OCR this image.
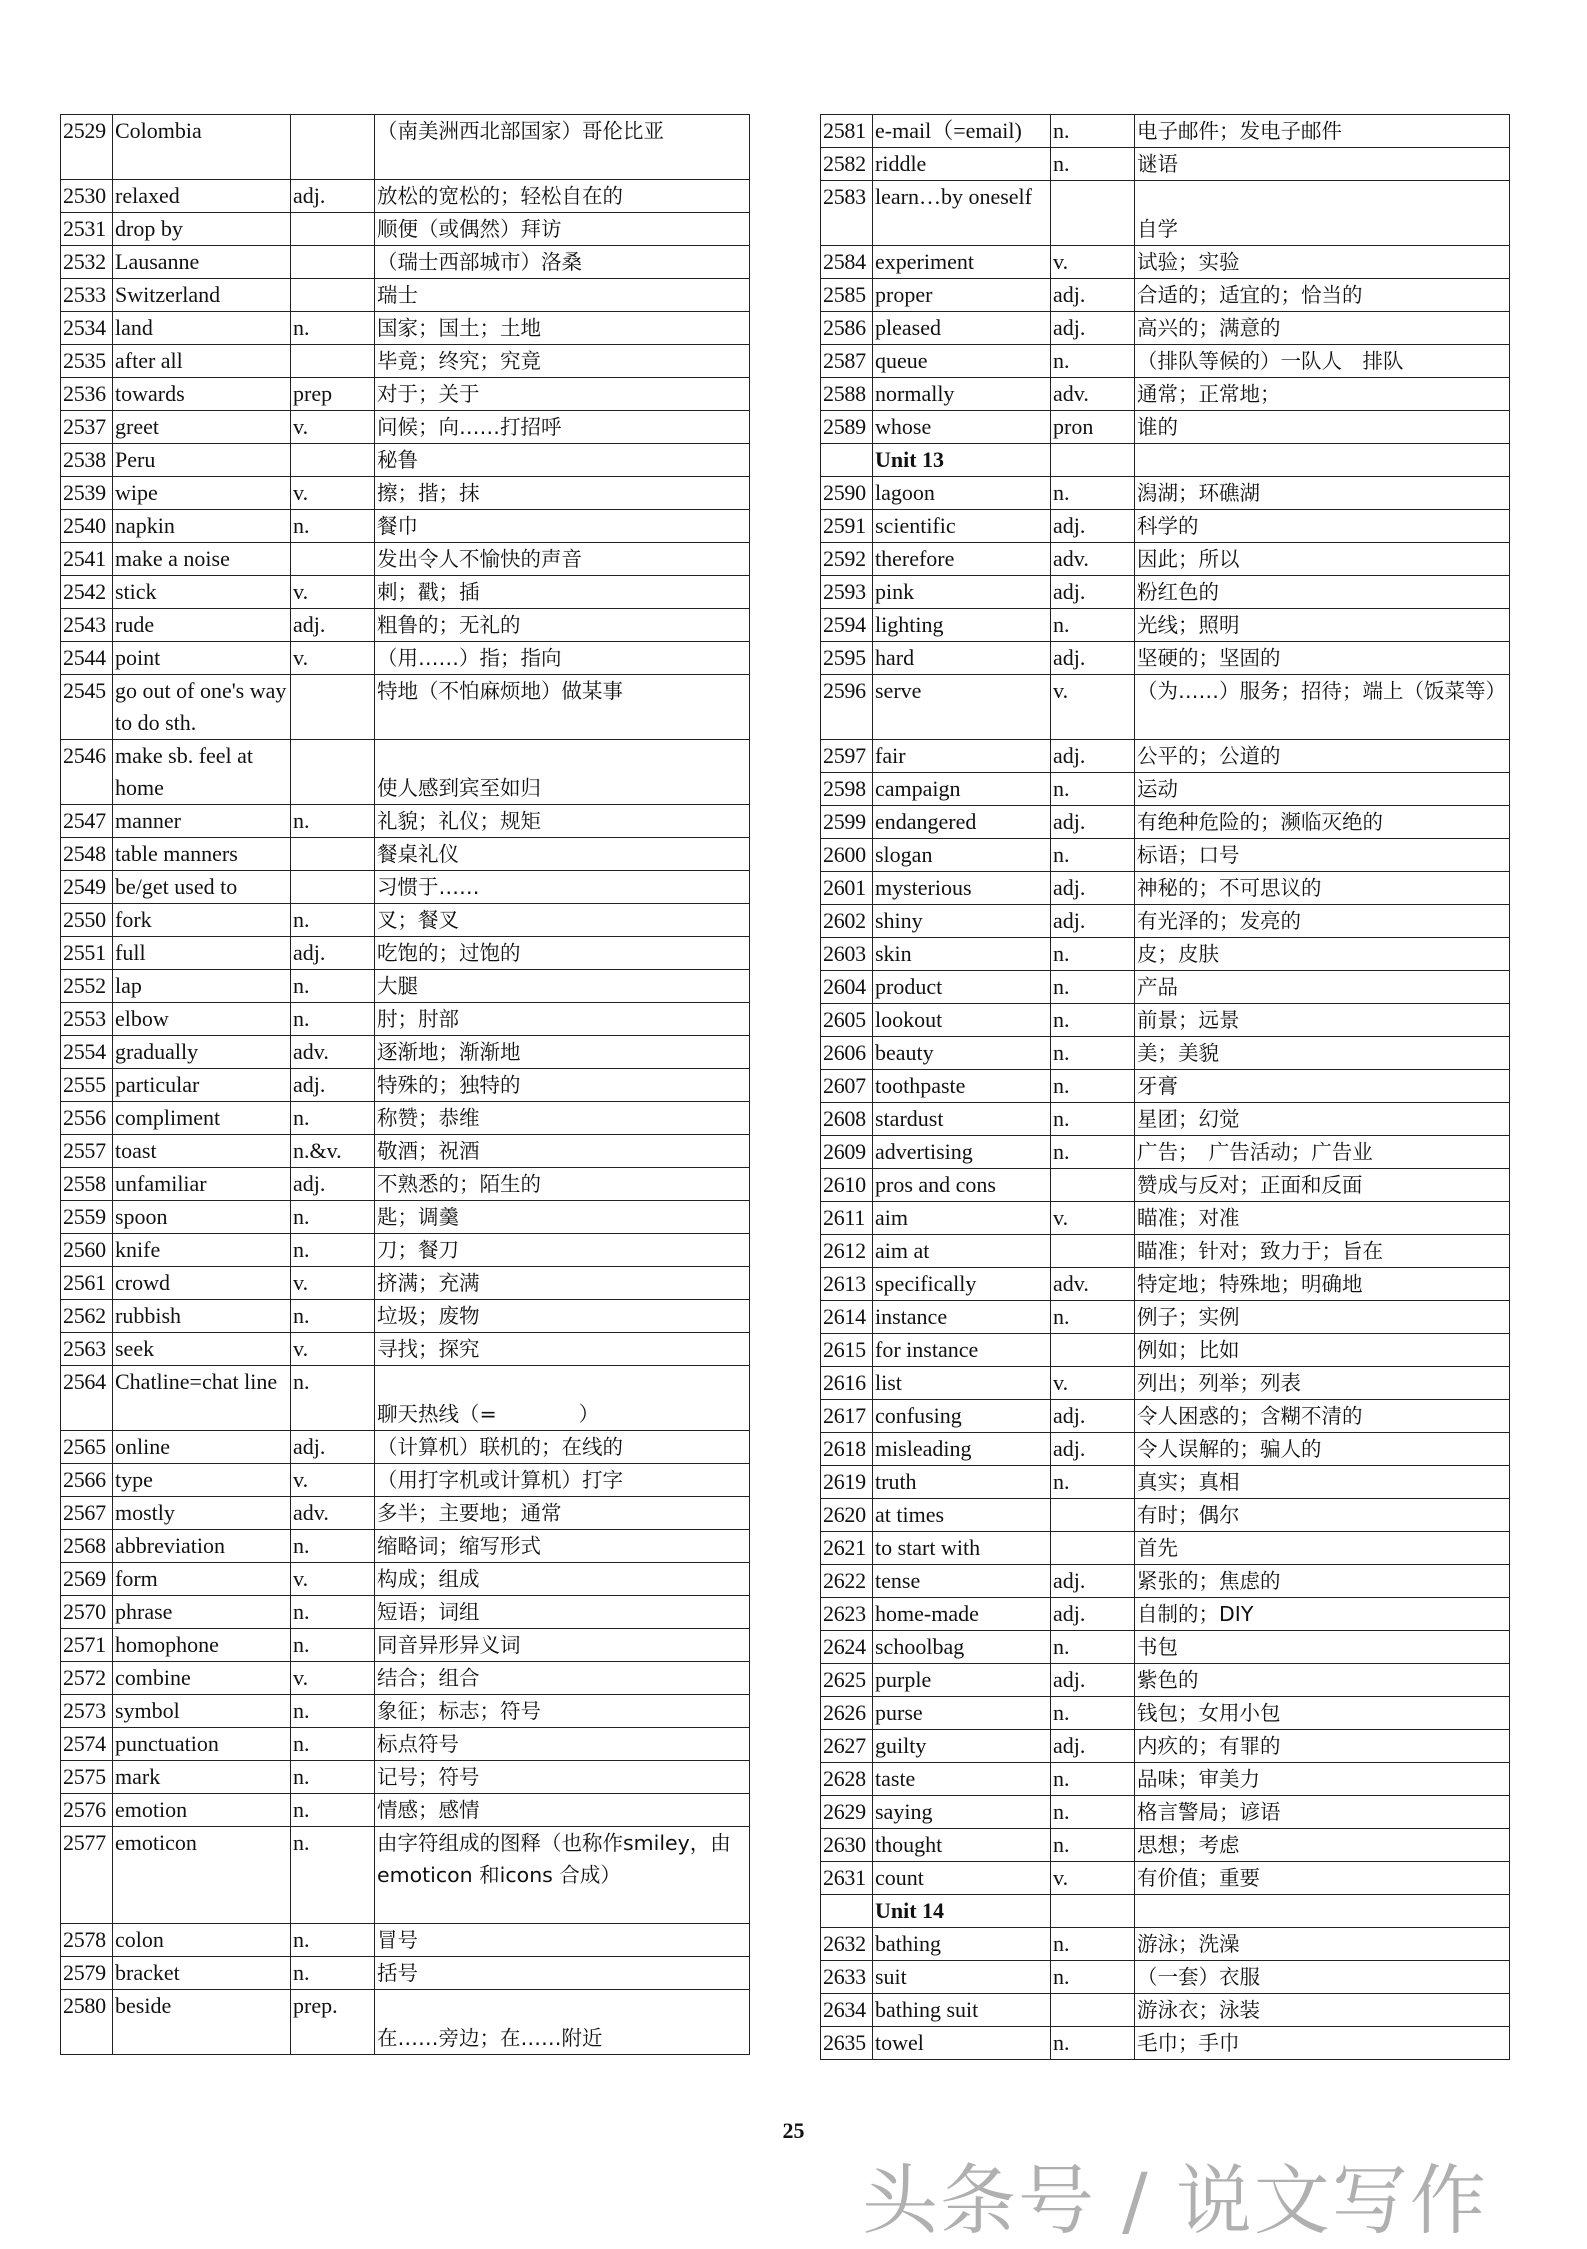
2529	Colombia		（南美洲西北部国家）哥伦比亚
2530	relaxed	adj.	放松的宽松的；轻松自在的
2531	drop by		顺便（或偶然）拜访
2532	Lausanne		（瑞士西部城市）洛桑
2533	Switzerland		瑞士
2534	land	n.	国家；国土；土地
2535	after all		毕竟；终究；究竟
2536	towards	prep	对于；关于
2537	greet	v.	问候；向……打招呼
2538	Peru		秘鲁
2539	wipe	v.	擦；揩；抹
2540	napkin	n.	餐巾
2541	make a noise		发出令人不愉快的声音
2542	stick	v.	刺；戳；插
2543	rude	adj.	粗鲁的；无礼的
2544	point	v.	（用……）指；指向
2545	go out of one's way to do sth.		特地（不怕麻烦地）做某事
2546	make sb. feel at home		使人感到宾至如归
2547	manner	n.	礼貌；礼仪；规矩
2548	table manners		餐桌礼仪
2549	be/get used to		习惯于……
2550	fork	n.	叉；餐叉
2551	full	adj.	吃饱的；过饱的
2552	lap	n.	大腿
2553	elbow	n.	肘；肘部
2554	gradually	adv.	逐渐地；渐渐地
2555	particular	adj.	特殊的；独特的
2556	compliment	n.	称赞；恭维
2557	toast	n.&v.	敬酒；祝酒
2558	unfamiliar	adj.	不熟悉的；陌生的
2559	spoon	n.	匙；调羹
2560	knife	n.	刀；餐刀
2561	crowd	v.	挤满；充满
2562	rubbish	n.	垃圾；废物
2563	seek	v.	寻找；探究
2564	Chatline=chat line	n.	聊天热线（=　　　　）
2565	online	adj.	（计算机）联机的；在线的
2566	type	v.	（用打字机或计算机）打字
2567	mostly	adv.	多半；主要地；通常
2568	abbreviation	n.	缩略词；缩写形式
2569	form	v.	构成；组成
2570	phrase	n.	短语；词组
2571	homophone	n.	同音异形异义词
2572	combine	v.	结合；组合
2573	symbol	n.	象征；标志；符号
2574	punctuation	n.	标点符号
2575	mark	n.	记号；符号
2576	emotion	n.	情感；感情
2577	emoticon	n.	由字符组成的图释（也称作smiley，由 emoticon 和icons 合成）
2578	colon	n.	冒号
2579	bracket	n.	括号
2580	beside	prep.	在……旁边；在……附近
2581	e-mail（=email)	n.	电子邮件；发电子邮件
2582	riddle	n.	谜语
2583	learn…by oneself		自学
2584	experiment	v.	试验；实验
2585	proper	adj.	合适的；适宜的；恰当的
2586	pleased	adj.	高兴的；满意的
2587	queue	n.	（排队等候的）一队人　排队
2588	normally	adv.	通常；正常地；
2589	whose	pron	谁的
	Unit 13		
2590	lagoon	n.	潟湖；环礁湖
2591	scientific	adj.	科学的
2592	therefore	adv.	因此；所以
2593	pink	adj.	粉红色的
2594	lighting	n.	光线；照明
2595	hard	adj.	坚硬的；坚固的
2596	serve	v.	（为……）服务；招待；端上（饭菜等）
2597	fair	adj.	公平的；公道的
2598	campaign	n.	运动
2599	endangered	adj.	有绝种危险的；濒临灭绝的
2600	slogan	n.	标语；口号
2601	mysterious	adj.	神秘的；不可思议的
2602	shiny	adj.	有光泽的；发亮的
2603	skin	n.	皮；皮肤
2604	product	n.	产品
2605	lookout	n.	前景；远景
2606	beauty	n.	美；美貌
2607	toothpaste	n.	牙膏
2608	stardust	n.	星团；幻觉
2609	advertising	n.	广告；　广告活动；广告业
2610	pros and cons		赞成与反对；正面和反面
2611	aim	v.	瞄准；对准
2612	aim at		瞄准；针对；致力于；旨在
2613	specifically	adv.	特定地；特殊地；明确地
2614	instance	n.	例子；实例
2615	for instance		例如；比如
2616	list	v.	列出；列举；列表
2617	confusing	adj.	令人困惑的；含糊不清的
2618	misleading	adj.	令人误解的；骗人的
2619	truth	n.	真实；真相
2620	at times		有时；偶尔
2621	to start with		首先
2622	tense	adj.	紧张的；焦虑的
2623	home-made	adj.	自制的；DIY
2624	schoolbag	n.	书包
2625	purple	adj.	紫色的
2626	purse	n.	钱包；女用小包
2627	guilty	adj.	内疚的；有罪的
2628	taste	n.	品味；审美力
2629	saying	n.	格言警局；谚语
2630	thought	n.	思想；考虑
2631	count	v.	有价值；重要
	Unit 14		
2632	bathing	n.	游泳；洗澡
2633	suit	n.	（一套）衣服
2634	bathing suit		游泳衣；泳装
2635	towel	n.	毛巾；手巾
25
头条号 / 说文写作
